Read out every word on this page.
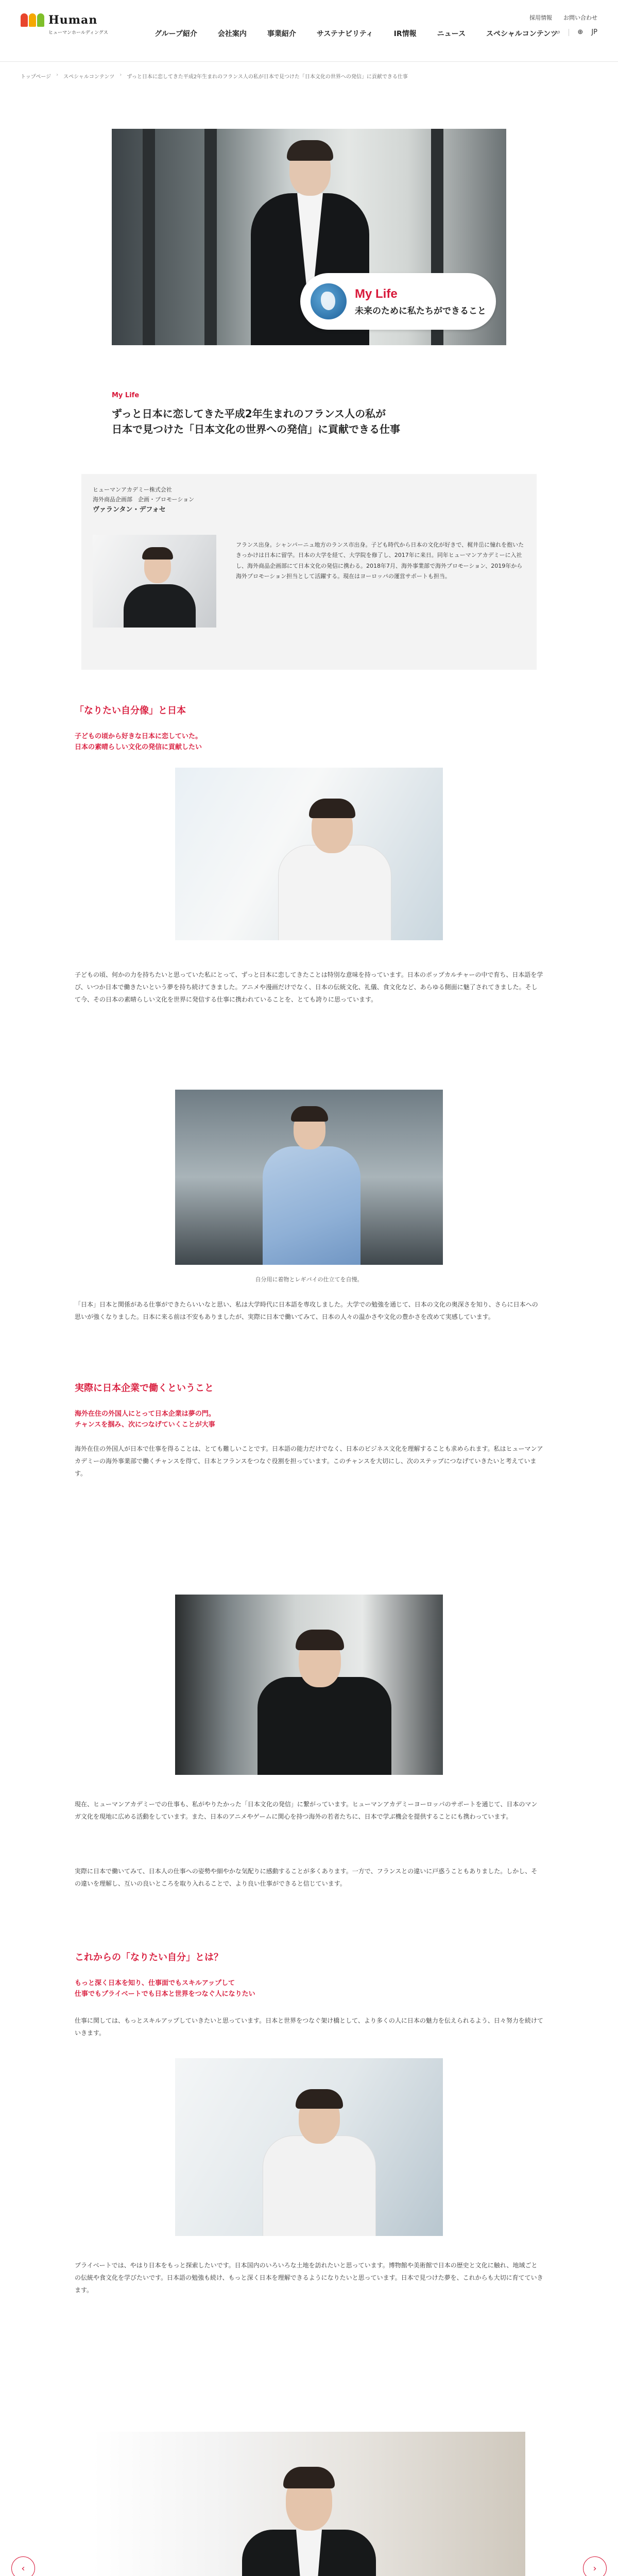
Human
ヒューマンホールディングス	グループ紹介	会社案内	事業紹介	サステナビリティ	IR情報	ニュース	スペシャルコンテンツ
採用情報 お問い合わせ
⌕	⊕ JP
トップページ › スペシャルコンテンツ › ずっと日本に恋してきた平成2年生まれのフランス人の私が日本で見つけた「日本文化の世界への発信」に貢献できる仕事
My Life
未来のために私たちができること
My Life
ずっと日本に恋してきた平成2年生まれのフランス人の私が
日本で見つけた「日本文化の世界への発信」に貢献できる仕事
ヒューマンアカデミー株式会社
海外商品企画部　企画・プロモーション
ヴァランタン・デフォセ

フランス出身。シャンパーニュ地方のランス市出身。子ども時代から日本の文化が好きで、梶井岳に憧れを抱いたきっかけは日本に留学。日本の大学を経て、大学院を修了し、2017年に来日。同年ヒューマンアカデミーに入社し、海外商品企画部にて日本文化の発信に携わる。2018年7月、海外事業部で海外プロモーション、2019年から海外プロモーション担当として活躍する。現在はヨーロッパの運営サポートも担当。

「なりたい自分像」と日本
子どもの頃から好きな日本に恋していた。
日本の素晴らしい文化の発信に貢献したい

子どもの頃、何かの力を持ちたいと思っていた私にとって、ずっと日本に恋してきたことは特別な意味を持っています。日本のポップカルチャーの中で育ち、日本語を学び、いつか日本で働きたいという夢を持ち続けてきました。アニメや漫画だけでなく、日本の伝統文化、礼儀、食文化など、あらゆる側面に魅了されてきました。そして今、その日本の素晴らしい文化を世界に発信する仕事に携われていることを、とても誇りに思っています。

自分用に着物とレギパイの仕立てを自慢。

「日本」日本と関係がある仕事ができたらいいなと思い、私は大学時代に日本語を専攻しました。大学での勉強を通じて、日本の文化の奥深さを知り、さらに日本への思いが強くなりました。日本に来る前は不安もありましたが、実際に日本で働いてみて、日本の人々の温かさや文化の豊かさを改めて実感しています。

実際に日本企業で働くということ
海外在住の外国人にとって日本企業は夢の門。
チャンスを掴み、次につなげていくことが大事

海外在住の外国人が日本で仕事を得ることは、とても難しいことです。日本語の能力だけでなく、日本のビジネス文化を理解することも求められます。私はヒューマンアカデミーの海外事業部で働くチャンスを得て、日本とフランスをつなぐ役割を担っています。このチャンスを大切にし、次のステップにつなげていきたいと考えています。

現在、ヒューマンアカデミーでの仕事も、私がやりたかった「日本文化の発信」に繋がっています。ヒューマンアカデミーヨーロッパのサポートを通じて、日本のマンガ文化を現地に広める活動をしています。また、日本のアニメやゲームに関心を持つ海外の若者たちに、日本で学ぶ機会を提供することにも携わっています。

実際に日本で働いてみて、日本人の仕事への姿勢や細やかな気配りに感動することが多くあります。一方で、フランスとの違いに戸惑うこともありました。しかし、その違いを理解し、互いの良いところを取り入れることで、より良い仕事ができると信じています。

これからの「なりたい自分」とは？
もっと深く日本を知り、仕事面でもスキルアップして
仕事でもプライベートでも日本と世界をつなぐ人になりたい

仕事に関しては、もっとスキルアップしていきたいと思っています。日本と世界をつなぐ架け橋として、より多くの人に日本の魅力を伝えられるよう、日々努力を続けていきます。

プライベートでは、やはり日本をもっと探索したいです。日本国内のいろいろな土地を訪れたいと思っています。博物館や美術館で日本の歴史と文化に触れ、地域ごとの伝統や食文化を学びたいです。日本語の勉強も続け、もっと深く日本を理解できるようになりたいと思っています。日本で見つけた夢を、これからも大切に育てていきます。

‹	›
